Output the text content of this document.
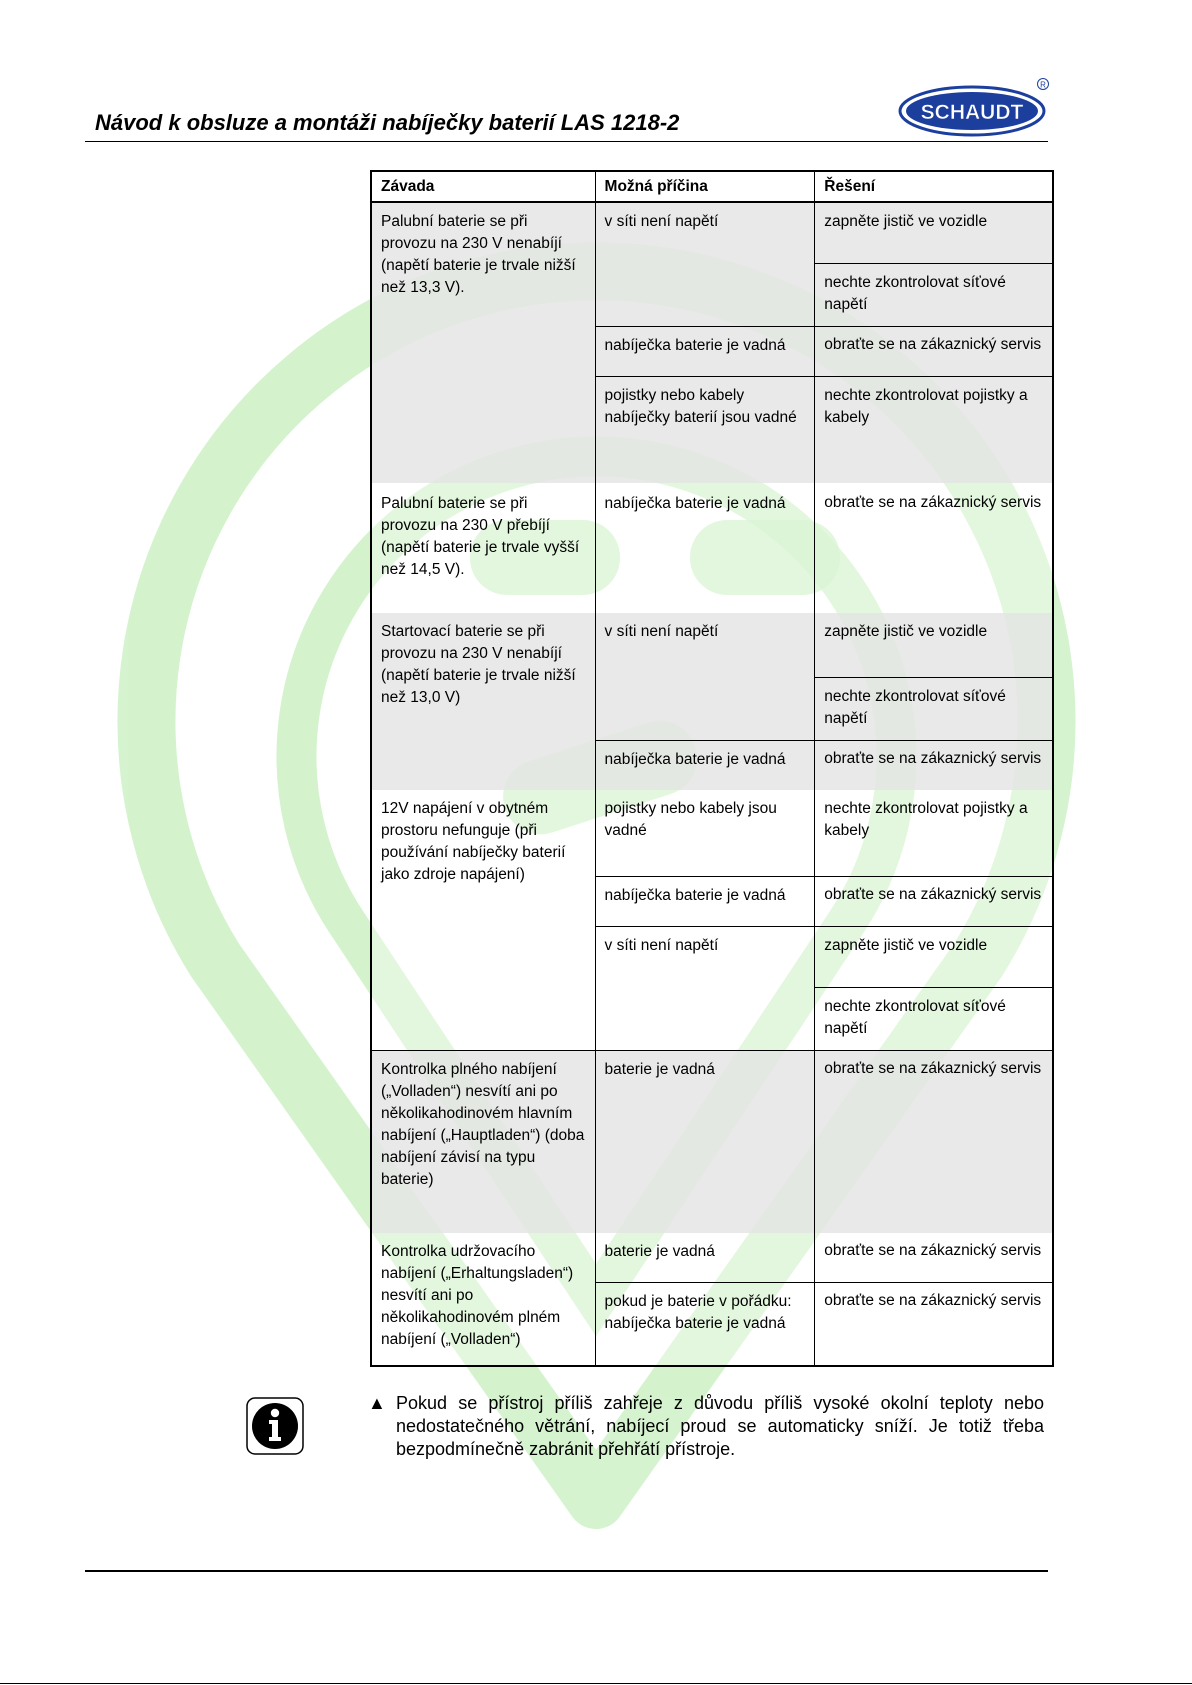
Návod k obsluze a montáži nabíječky baterií LAS 1218-2	SCHAUDT
R
Závada	Možná příčina	Řešení
Palubní baterie se při provozu na 230 V nenabíjí (napětí baterie je trvale nižší než 13,3 V).	v síti není napětí	zapněte jistič ve vozidle
		nechte zkontrolovat síťové napětí
	nabíječka baterie je vadná	obraťte se na zákaznický servis
	pojistky nebo kabely nabíječky baterií jsou vadné	nechte zkontrolovat pojistky a kabely

Palubní baterie se při provozu na 230 V přebíjí (napětí baterie je trvale vyšší než 14,5 V).	nabíječka baterie je vadná	obraťte se na zákaznický servis
Startovací baterie se při provozu na 230 V nenabíjí (napětí baterie je trvale nižší než 13,0 V)	v síti není napětí	zapněte jistič ve vozidle
		nechte zkontrolovat síťové napětí
	nabíječka baterie je vadná	obraťte se na zákaznický servis
12V napájení v obytném prostoru nefunguje (při používání nabíječky baterií jako zdroje napájení)	pojistky nebo kabely jsou vadné	nechte zkontrolovat pojistky a kabely
	nabíječka baterie je vadná	obraťte se na zákaznický servis
	v síti není napětí	zapněte jistič ve vozidle
		nechte zkontrolovat síťové napětí
Kontrolka plného nabíjení („Volladen“) nesvítí ani po několikahodinovém hlavním nabíjení („Hauptladen“) (doba nabíjení závisí na typu baterie)	baterie je vadná	obraťte se na zákaznický servis
Kontrolka udržovacího nabíjení („Erhaltungsladen“) nesvítí ani po několikahodinovém plném nabíjení („Volladen“)	baterie je vadná	obraťte se na zákaznický servis
	pokud je baterie v pořádku: nabíječka baterie je vadná	obraťte se na zákaznický servis
▲ Pokud se přístroj příliš zahřeje z důvodu příliš vysoké okolní teploty nebo nedostatečného větrání, nabíjecí proud se automaticky sníží. Je totiž třeba bezpodmínečně zabránit přehřátí přístroje.
